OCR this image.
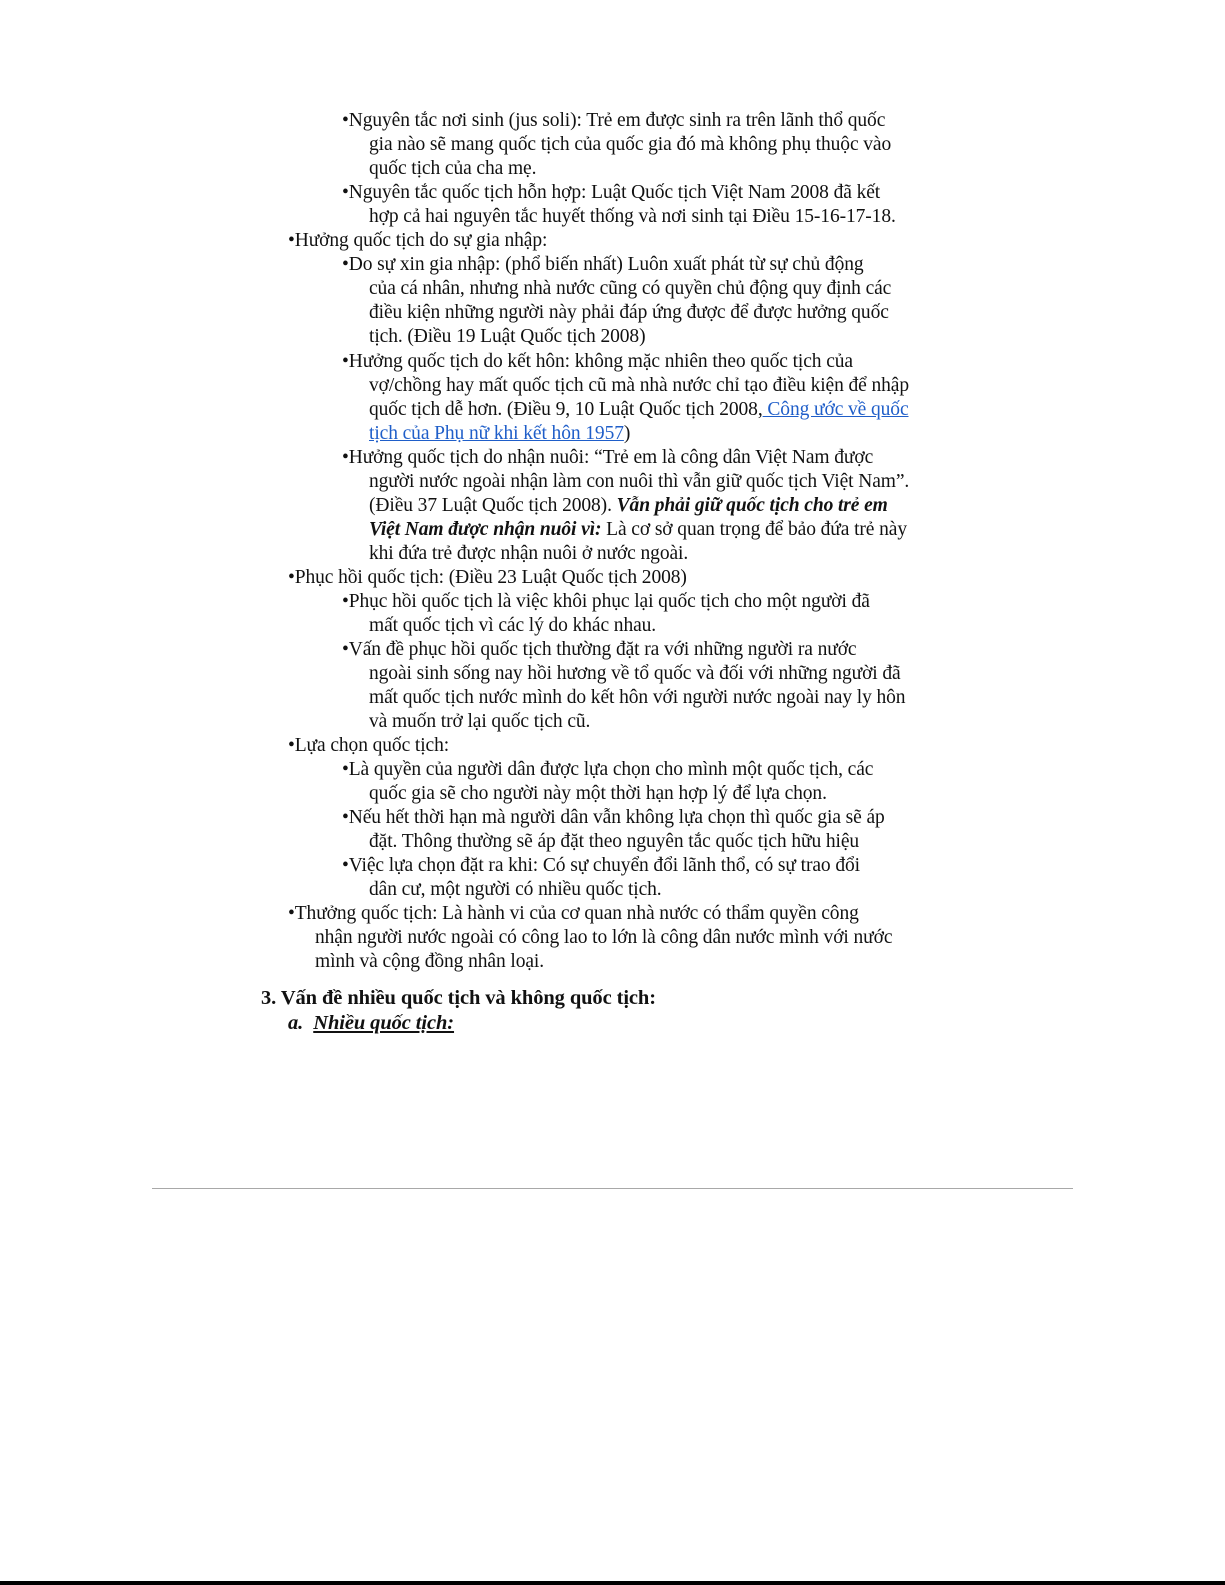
•Nguyên tắc nơi sinh (jus soli): Trẻ em được sinh ra trên lãnh thổ quốc
gia nào sẽ mang quốc tịch của quốc gia đó mà không phụ thuộc vào
quốc tịch của cha mẹ.
•Nguyên tắc quốc tịch hỗn hợp: Luật Quốc tịch Việt Nam 2008 đã kết
hợp cả hai nguyên tắc huyết thống và nơi sinh tại Điều 15-16-17-18.
•Hưởng quốc tịch do sự gia nhập:
•Do sự xin gia nhập: (phổ biến nhất) Luôn xuất phát từ sự chủ động
của cá nhân, nhưng nhà nước cũng có quyền chủ động quy định các
điều kiện những người này phải đáp ứng được để được hưởng quốc
tịch. (Điều 19 Luật Quốc tịch 2008)
•Hưởng quốc tịch do kết hôn: không mặc nhiên theo quốc tịch của
vợ/chồng hay mất quốc tịch cũ mà nhà nước chỉ tạo điều kiện để nhập
quốc tịch dễ hơn. (Điều 9, 10 Luật Quốc tịch 2008, Công ước về quốc
tịch của Phụ nữ khi kết hôn 1957)
•Hưởng quốc tịch do nhận nuôi: “Trẻ em là công dân Việt Nam được
người nước ngoài nhận làm con nuôi thì vẫn giữ quốc tịch Việt Nam”.
(Điều 37 Luật Quốc tịch 2008). Vẫn phải giữ quốc tịch cho trẻ em
Việt Nam được nhận nuôi vì: Là cơ sở quan trọng để bảo đứa trẻ này
khi đứa trẻ được nhận nuôi ở nước ngoài.
•Phục hồi quốc tịch: (Điều 23 Luật Quốc tịch 2008)
•Phục hồi quốc tịch là việc khôi phục lại quốc tịch cho một người đã
mất quốc tịch vì các lý do khác nhau.
•Vấn đề phục hồi quốc tịch thường đặt ra với những người ra nước
ngoài sinh sống nay hồi hương về tổ quốc và đối với những người đã
mất quốc tịch nước mình do kết hôn với người nước ngoài nay ly hôn
và muốn trở lại quốc tịch cũ.
•Lựa chọn quốc tịch:
•Là quyền của người dân được lựa chọn cho mình một quốc tịch, các
quốc gia sẽ cho người này một thời hạn hợp lý để lựa chọn.
•Nếu hết thời hạn mà người dân vẫn không lựa chọn thì quốc gia sẽ áp
đặt. Thông thường sẽ áp đặt theo nguyên tắc quốc tịch hữu hiệu
•Việc lựa chọn đặt ra khi: Có sự chuyển đổi lãnh thổ, có sự trao đổi
dân cư, một người có nhiều quốc tịch.
•Thưởng quốc tịch: Là hành vi của cơ quan nhà nước có thẩm quyền công
nhận người nước ngoài có công lao to lớn là công dân nước mình với nước
mình và cộng đồng nhân loại.
3. Vấn đề nhiều quốc tịch và không quốc tịch:
a. Nhiều quốc tịch:
